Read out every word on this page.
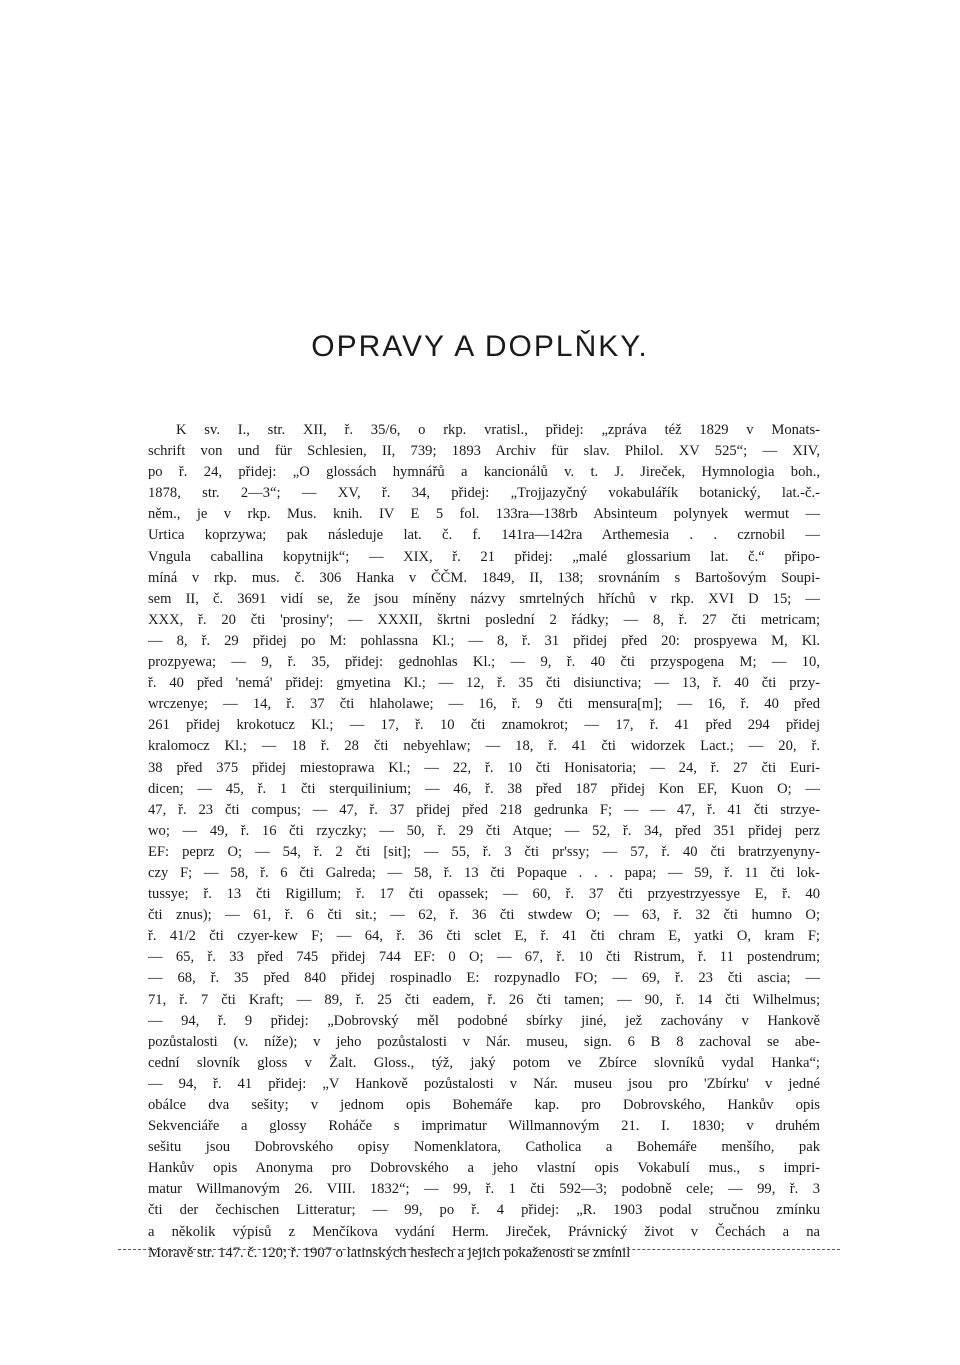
OPRAVY A DOPLŇKY.
K sv. I., str. XII, ř. 35/6, o rkp. vratisl., přidej: „zpráva též 1829 v Monats-
schrift von und für Schlesien, II, 739; 1893 Archiv für slav. Philol. XV 525“; — XIV,
po ř. 24, přidej: „O glossách hymnářů a kancionálů v. t. J. Jireček, Hymnologia boh.,
1878, str. 2—3“; — XV, ř. 34, přidej: „Trojjazyčný vokabulářík botanický, lat.-č.-
něm., je v rkp. Mus. knih. IV E 5 fol. 133ra—138rb Absinteum polynyek wermut —
Urtica koprzywa; pak následuje lat. č. f. 141ra—142ra Arthemesia . . czrnobil —
Vngula caballina kopytnijk“; — XIX, ř. 21 přidej: „malé glossarium lat. č.“ připo-
míná v rkp. mus. č. 306 Hanka v ČČM. 1849, II, 138; srovnáním s Bartošovým Soupi-
sem II, č. 3691 vidí se, že jsou míněny názvy smrtelných hříchů v rkp. XVI D 15; —
XXX, ř. 20 čti 'prosiny'; — XXXII, škrtni poslední 2 řádky; — 8, ř. 27 čti metricam;
— 8, ř. 29 přidej po M: pohlassna Kl.; — 8, ř. 31 přidej před 20: prospyewa M, Kl.
prozpyewa; — 9, ř. 35, přidej: gednohlas Kl.; — 9, ř. 40 čti przyspogena M; — 10,
ř. 40 před 'nemá' přidej: gmyetina Kl.; — 12, ř. 35 čti disiunctiva; — 13, ř. 40 čti przy-
wrczenye; — 14, ř. 37 čti hlaholawe; — 16, ř. 9 čti mensura[m]; — 16, ř. 40 před
261 přidej krokotucz Kl.; — 17, ř. 10 čti znamokrot; — 17, ř. 41 před 294 přidej
kralomocz Kl.; — 18 ř. 28 čti nebyehlaw; — 18, ř. 41 čti widorzek Lact.; — 20, ř.
38 před 375 přidej miestoprawa Kl.; — 22, ř. 10 čti Honisatoria; — 24, ř. 27 čti Euri-
dicen; — 45, ř. 1 čti sterquilinium; — 46, ř. 38 před 187 přidej Kon EF, Kuon O; —
47, ř. 23 čti compus; — 47, ř. 37 přidej před 218 gedrunka F; — — 47, ř. 41 čti strzye-
wo; — 49, ř. 16 čti rzyczky; — 50, ř. 29 čti Atque; — 52, ř. 34, před 351 přidej perz
EF: peprz O; — 54, ř. 2 čti [sit]; — 55, ř. 3 čti pr'ssy; — 57, ř. 40 čti bratrzyenyny-
czy F; — 58, ř. 6 čti Galreda; — 58, ř. 13 čti Popaque . . . papa; — 59, ř. 11 čti lok-
tussye; ř. 13 čti Rigillum; ř. 17 čti opassek; — 60, ř. 37 čti przyestrzyessye E, ř. 40
čti znus); — 61, ř. 6 čti sit.; — 62, ř. 36 čti stwdew O; — 63, ř. 32 čti humno O;
ř. 41/2 čti czyer-kew F; — 64, ř. 36 čti sclet E, ř. 41 čti chram E, yatki O, kram F;
— 65, ř. 33 před 745 přidej 744 EF: 0 O; — 67, ř. 10 čti Ristrum, ř. 11 postendrum;
— 68, ř. 35 před 840 přidej rospinadlo E: rozpynadlo FO; — 69, ř. 23 čti ascia; —
71, ř. 7 čti Kraft; — 89, ř. 25 čti eadem, ř. 26 čti tamen; — 90, ř. 14 čti Wilhelmus;
— 94, ř. 9 přidej: „Dobrovský měl podobné sbírky jiné, jež zachovány v Hankově
pozůstalosti (v. níže); v jeho pozůstalosti v Nár. museu, sign. 6 B 8 zachoval se abe-
cední slovník gloss v Žalt. Gloss., týž, jaký potom ve Zbírce slovníků vydal Hanka“;
— 94, ř. 41 přidej: „V Hankově pozůstalosti v Nár. museu jsou pro 'Zbírku' v jedné
obálce dva sešity; v jednom opis Bohemáře kap. pro Dobrovského, Hankův opis
Sekvenciáře a glossy Roháče s imprimatur Willmannovým 21. I. 1830; v druhém
sešitu jsou Dobrovského opisy Nomenklatora, Catholica a Bohemáře menšího, pak
Hankův opis Anonyma pro Dobrovského a jeho vlastní opis Vokabulí mus., s impri-
matur Willmanovým 26. VIII. 1832“; — 99, ř. 1 čti 592—3; podobně cele; — 99, ř. 3
čti der čechischen Litteratur; — 99, po ř. 4 přidej: „R. 1903 podal stručnou zmínku
a několik výpisů z Menčíkova vydání Herm. Jireček, Právnický život v Čechách a na
Moravě str. 147. č. 120; ř. 1907 o latinských heslech a jejich pokaženosti se zmínil
